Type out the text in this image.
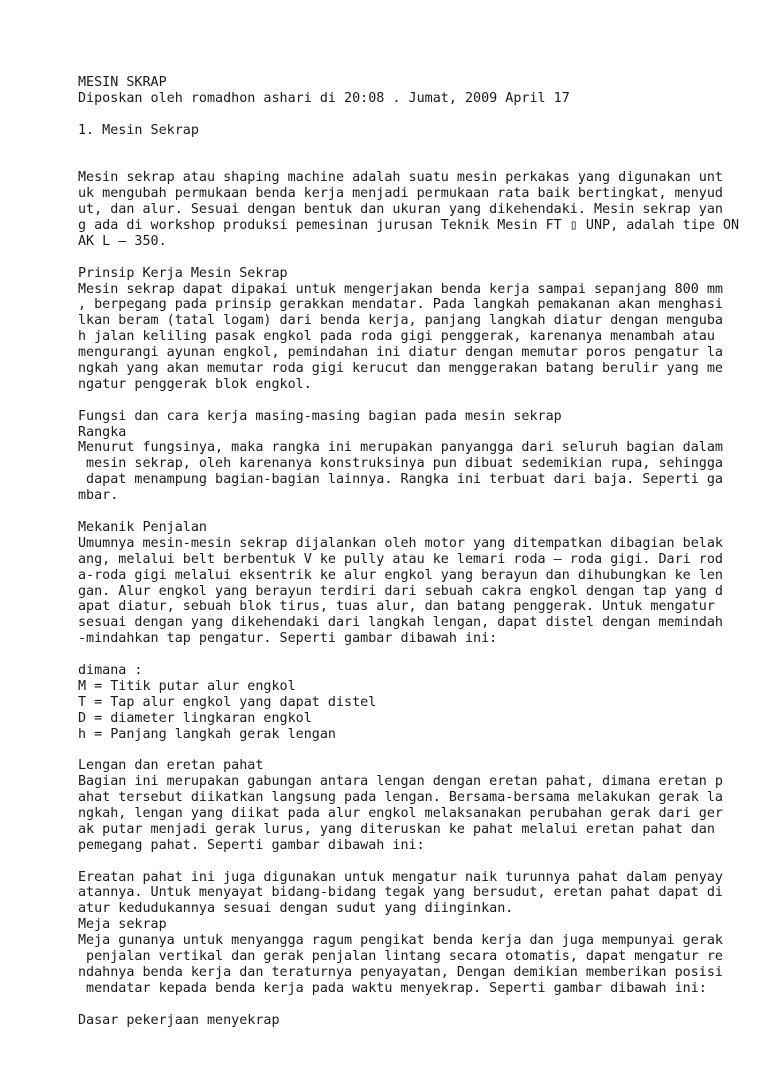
MESIN SKRAP
Diposkan oleh romadhon ashari di 20:08 . Jumat, 2009 April 17
1. Mesin Sekrap
Mesin sekrap atau shaping machine adalah suatu mesin perkakas yang digunakan unt
uk mengubah permukaan benda kerja menjadi permukaan rata baik bertingkat, menyud
ut, dan alur. Sesuai dengan bentuk dan ukuran yang dikehendaki. Mesin sekrap yan
g ada di workshop produksi pemesinan jurusan Teknik Mesin FT ▯ UNP, adalah tipe ON
AK L – 350.
Prinsip Kerja Mesin Sekrap
Mesin sekrap dapat dipakai untuk mengerjakan benda kerja sampai sepanjang 800 mm
, berpegang pada prinsip gerakkan mendatar. Pada langkah pemakanan akan menghasi
lkan beram (tatal logam) dari benda kerja, panjang langkah diatur dengan menguba
h jalan keliling pasak engkol pada roda gigi penggerak, karenanya menambah atau
mengurangi ayunan engkol, pemindahan ini diatur dengan memutar poros pengatur la
ngkah yang akan memutar roda gigi kerucut dan menggerakan batang berulir yang me
ngatur penggerak blok engkol.
Fungsi dan cara kerja masing-masing bagian pada mesin sekrap
Rangka
Menurut fungsinya, maka rangka ini merupakan panyangga dari seluruh bagian dalam
mesin sekrap, oleh karenanya konstruksinya pun dibuat sedemikian rupa, sehingga
dapat menampung bagian-bagian lainnya. Rangka ini terbuat dari baja. Seperti ga
mbar.
Mekanik Penjalan
Umumnya mesin-mesin sekrap dijalankan oleh motor yang ditempatkan dibagian belak
ang, melalui belt berbentuk V ke pully atau ke lemari roda – roda gigi. Dari rod
a-roda gigi melalui eksentrik ke alur engkol yang berayun dan dihubungkan ke len
gan. Alur engkol yang berayun terdiri dari sebuah cakra engkol dengan tap yang d
apat diatur, sebuah blok tirus, tuas alur, dan batang penggerak. Untuk mengatur
sesuai dengan yang dikehendaki dari langkah lengan, dapat distel dengan memindah
-mindahkan tap pengatur. Seperti gambar dibawah ini:
dimana :
M = Titik putar alur engkol
T = Tap alur engkol yang dapat distel
D = diameter lingkaran engkol
h = Panjang langkah gerak lengan
Lengan dan eretan pahat
Bagian ini merupakan gabungan antara lengan dengan eretan pahat, dimana eretan p
ahat tersebut diikatkan langsung pada lengan. Bersama-bersama melakukan gerak la
ngkah, lengan yang diikat pada alur engkol melaksanakan perubahan gerak dari ger
ak putar menjadi gerak lurus, yang diteruskan ke pahat melalui eretan pahat dan
pemegang pahat. Seperti gambar dibawah ini:
Ereatan pahat ini juga digunakan untuk mengatur naik turunnya pahat dalam penyay
atannya. Untuk menyayat bidang-bidang tegak yang bersudut, eretan pahat dapat di
atur kedudukannya sesuai dengan sudut yang diinginkan.
Meja sekrap
Meja gunanya untuk menyangga ragum pengikat benda kerja dan juga mempunyai gerak
penjalan vertikal dan gerak penjalan lintang secara otomatis, dapat mengatur re
ndahnya benda kerja dan teraturnya penyayatan, Dengan demikian memberikan posisi
mendatar kepada benda kerja pada waktu menyekrap. Seperti gambar dibawah ini:
Dasar pekerjaan menyekrap
